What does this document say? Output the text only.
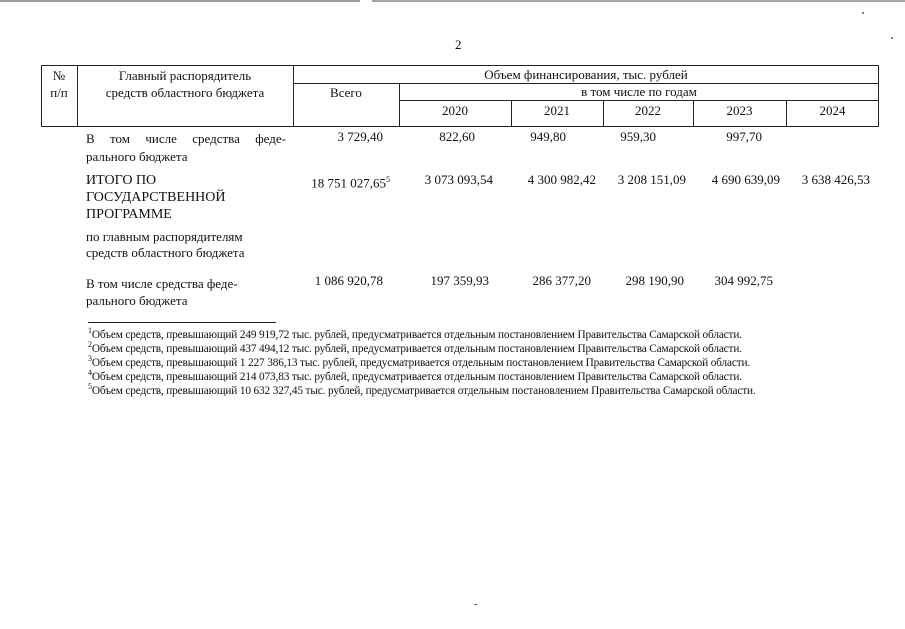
2
№
п/п
Главный распорядитель
средств областного бюджета
Объем финансирования, тыс. рублей
Всего	в том числе по годам
2020	2021	2022	2023	2024
В том числе средства феде-
рального бюджета
3 729,40	822,60	949,80	959,30	997,70
ИТОГО ПО
ГОСУДАРСТВЕННОЙ
ПРОГРАММЕ
по главным распорядителям
средств областного бюджета
18 751 027,65$^5$	3 073 093,54	4 300 982,42	3 208 151,09	4 690 639,09	3 638 426,53
В том числе средства феде-
рального бюджета
1 086 920,78	197 359,93	286 377,20	298 190,90	304 992,75
$^1$Объем средств, превышающий 249 919,72 тыс. рублей, предусматривается отдельным постановлением Правительства Самарской области.
$^2$Объем средств, превышающий 437 494,12 тыс. рублей, предусматривается отдельным постановлением Правительства Самарской области.
$^3$Объем средств, превышающий 1 227 386,13 тыс. рублей, предусматривается отдельным постановлением Правительства Самарской области.
$^4$Объем средств, превышающий 214 073,83 тыс. рублей, предусматривается отдельным постановлением Правительства Самарской области.
$^5$Объем средств, превышающий 10 632 327,45 тыс. рублей, предусматривается отдельным постановлением Правительства Самарской области.
